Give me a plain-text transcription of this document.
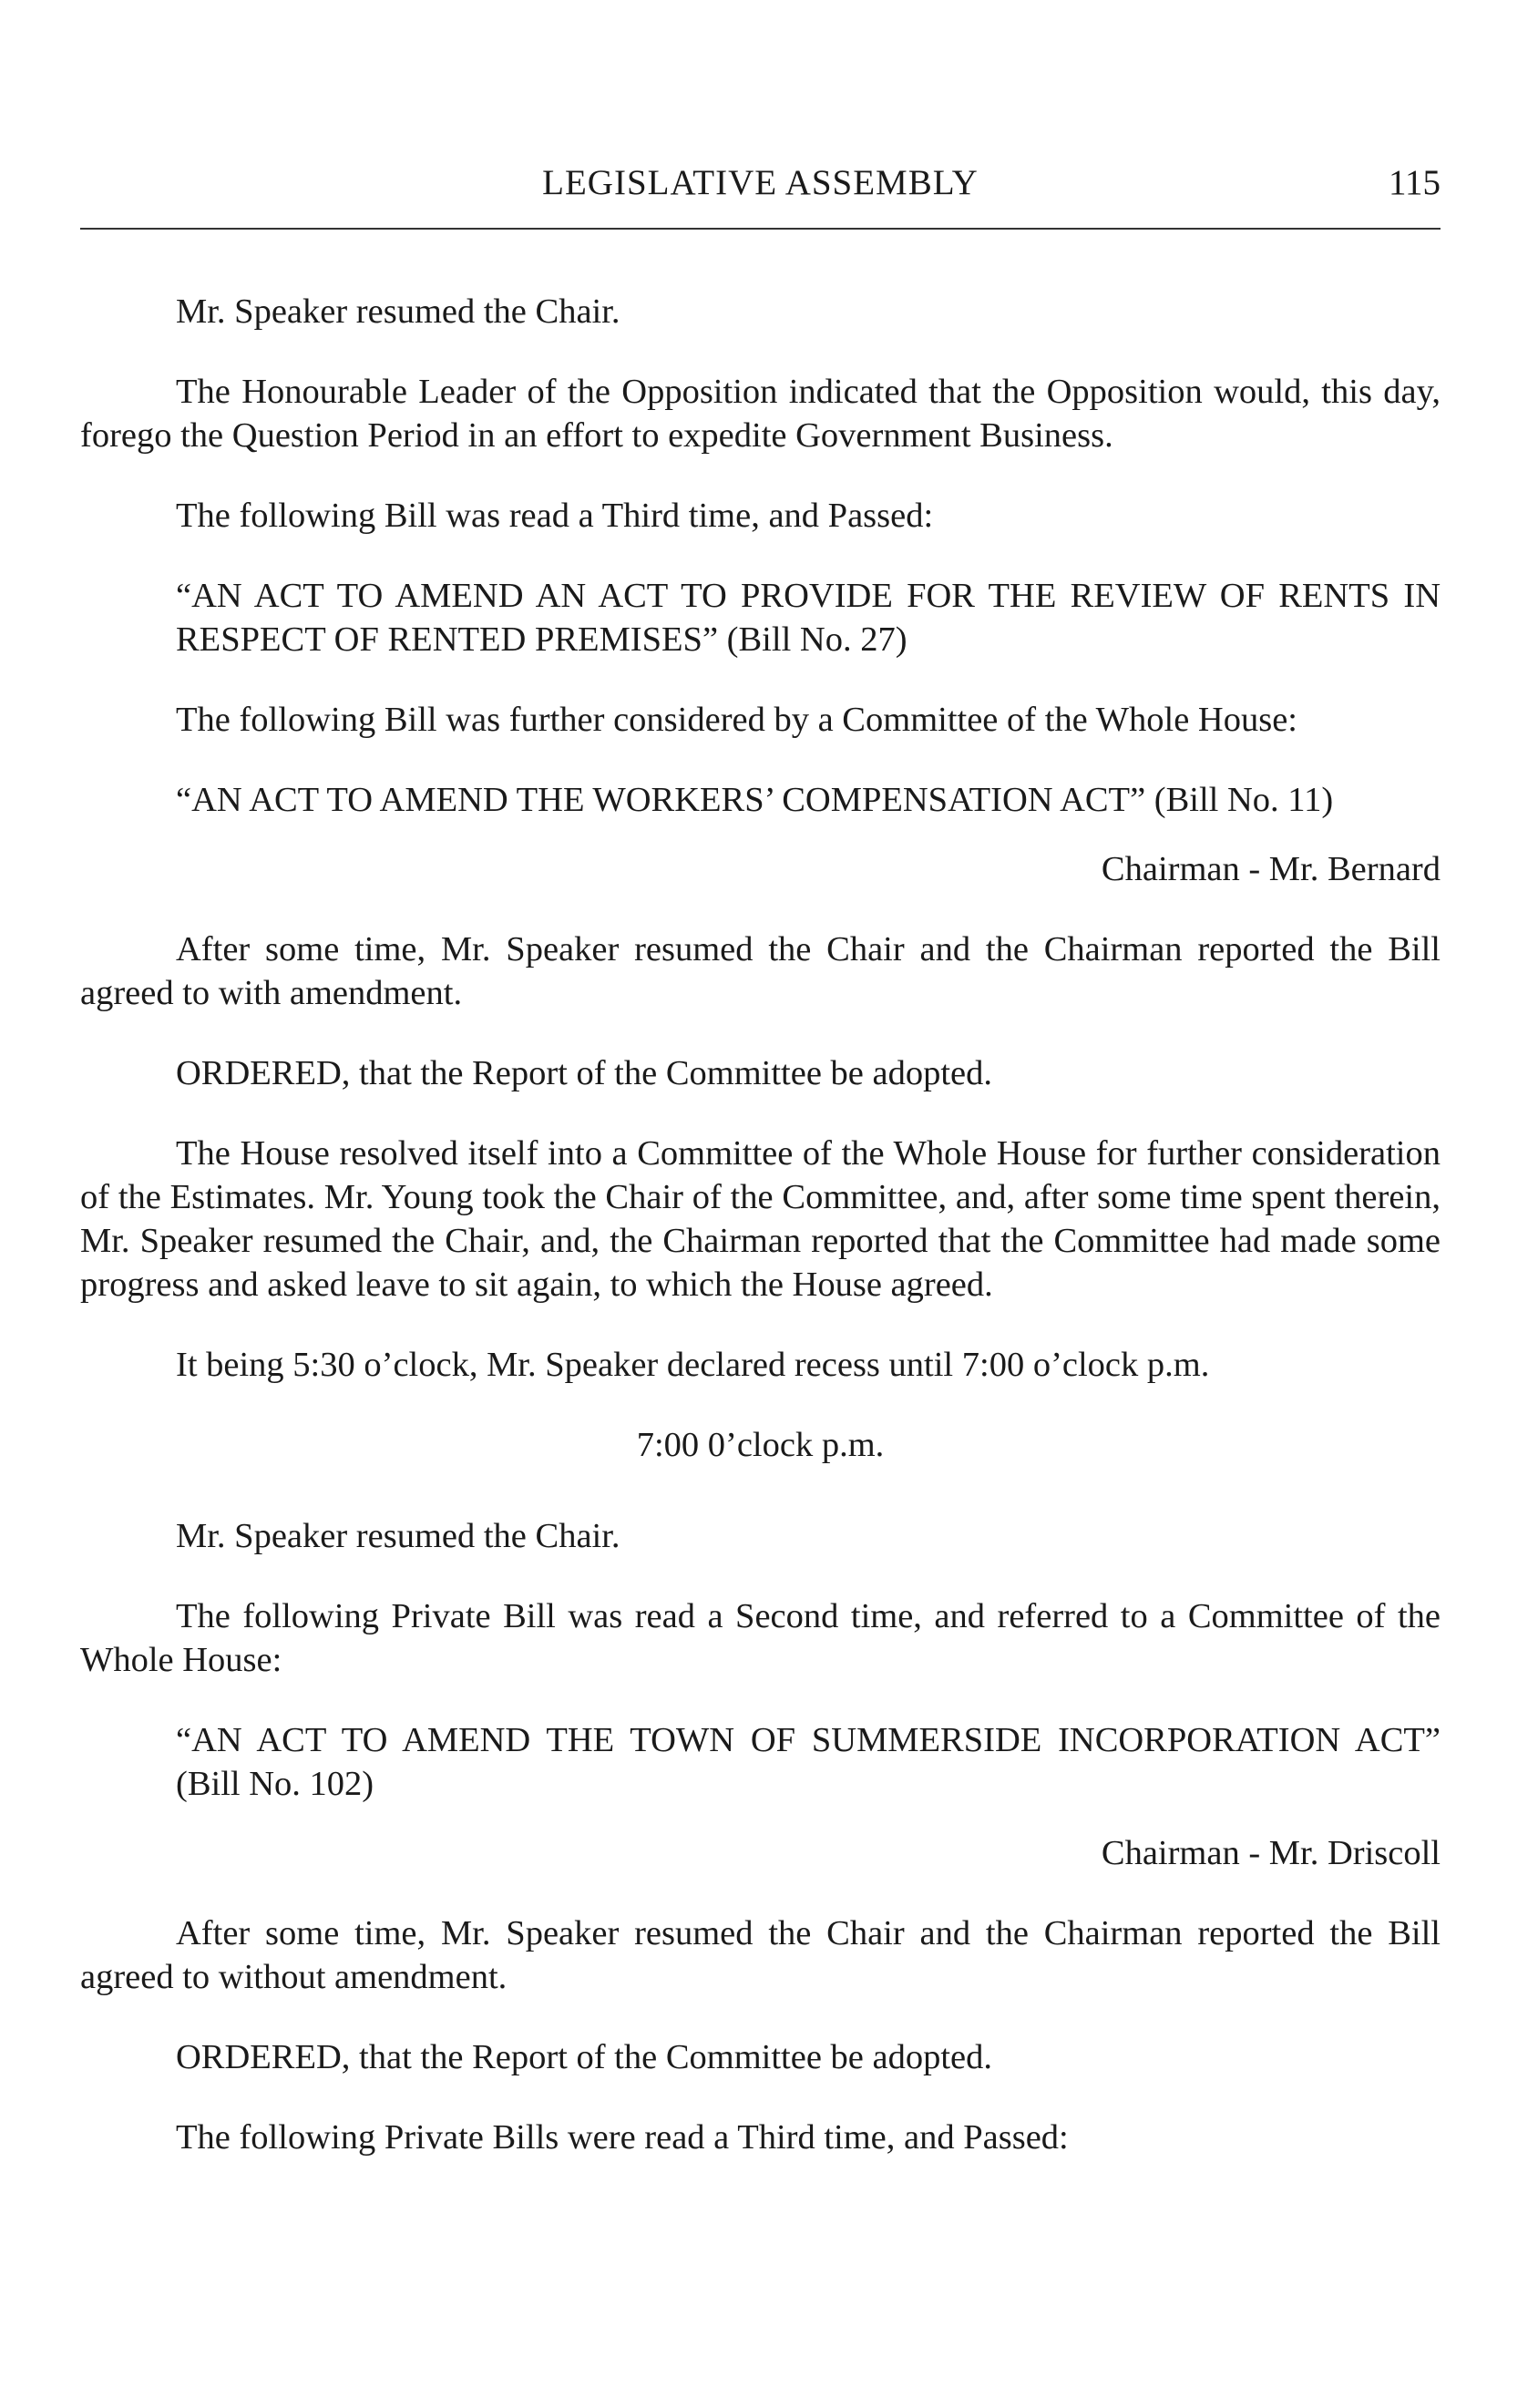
LEGISLATIVE ASSEMBLY	115

Mr. Speaker resumed the Chair.

The Honourable Leader of the Opposition indicated that the Opposition would, this day, forego the Question Period in an effort to expedite Government Business.

The following Bill was read a Third time, and Passed:

“AN ACT TO AMEND AN ACT TO PROVIDE FOR THE REVIEW OF RENTS IN RESPECT OF RENTED PREMISES” (Bill No. 27)

The following Bill was further considered by a Committee of the Whole House:

“AN ACT TO AMEND THE WORKERS’ COMPENSATION ACT” (Bill No. 11)

Chairman - Mr. Bernard

After some time, Mr. Speaker resumed the Chair and the Chairman reported the Bill agreed to with amendment.

ORDERED, that the Report of the Committee be adopted.

The House resolved itself into a Committee of the Whole House for further consideration of the Estimates. Mr. Young took the Chair of the Committee, and, after some time spent therein, Mr. Speaker resumed the Chair, and, the Chairman reported that the Committee had made some progress and asked leave to sit again, to which the House agreed.

It being 5:30 o’clock, Mr. Speaker declared recess until 7:00 o’clock p.m.

7:00 0’clock p.m.

Mr. Speaker resumed the Chair.

The following Private Bill was read a Second time, and referred to a Committee of the Whole House:

“AN ACT TO AMEND THE TOWN OF SUMMERSIDE INCORPORATION ACT” (Bill No. 102)

Chairman - Mr. Driscoll

After some time, Mr. Speaker resumed the Chair and the Chairman reported the Bill agreed to without amendment.

ORDERED, that the Report of the Committee be adopted.

The following Private Bills were read a Third time, and Passed:
